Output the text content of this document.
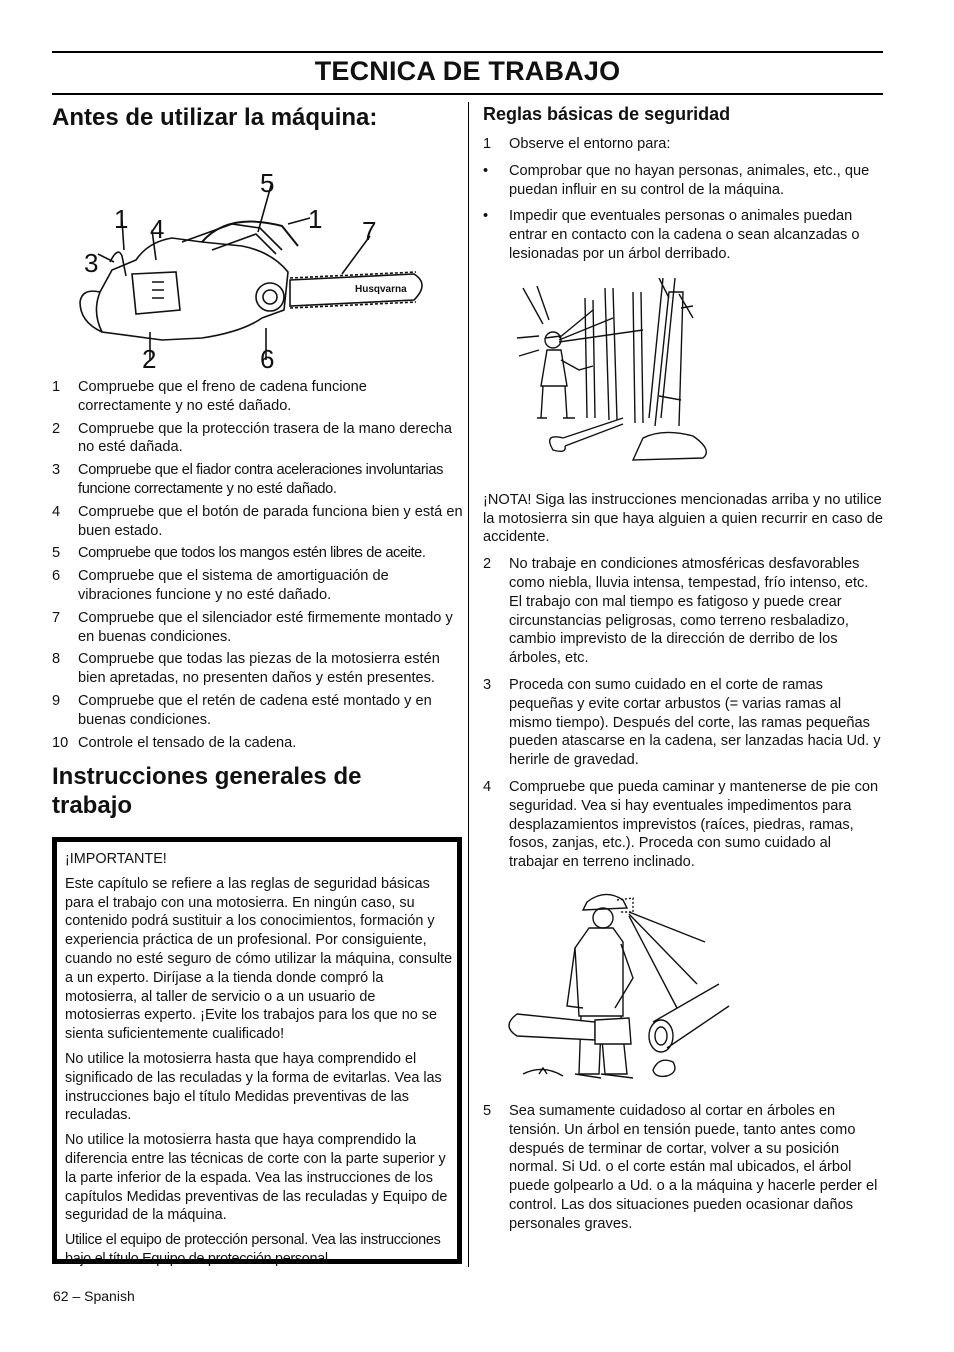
TECNICA DE TRABAJO
Antes de utilizar la máquina:
Husqvarna
1 4
3
5
1 7
2	6
1 Compruebe que el freno de cadena funcione correctamente y no esté dañado.
2 Compruebe que la protección trasera de la mano derecha no esté dañada.
3 Compruebe que el fiador contra aceleraciones involuntarias funcione correctamente y no esté dañado.
4 Compruebe que el botón de parada funciona bien y está en buen estado.
5 Compruebe que todos los mangos estén libres de aceite.
6 Compruebe que el sistema de amortiguación de vibraciones funcione y no esté dañado.
7 Compruebe que el silenciador esté firmemente montado y en buenas condiciones.
8 Compruebe que todas las piezas de la motosierra estén bien apretadas, no presenten daños y estén presentes.
9 Compruebe que el retén de cadena esté montado y en buenas condiciones.
10 Controle el tensado de la cadena.
Instrucciones generales de trabajo

¡IMPORTANTE!

Este capítulo se refiere a las reglas de seguridad básicas para el trabajo con una motosierra. En ningún caso, su contenido podrá sustituir a los conocimientos, formación y experiencia práctica de un profesional. Por consiguiente, cuando no esté seguro de cómo utilizar la máquina, consulte a un experto. Diríjase a la tienda donde compró la motosierra, al taller de servicio o a un usuario de motosierras experto. ¡Evite los trabajos para los que no se sienta suficientemente cualificado!

No utilice la motosierra hasta que haya comprendido el significado de las reculadas y la forma de evitarlas. Vea las instrucciones bajo el título Medidas preventivas de las reculadas.

No utilice la motosierra hasta que haya comprendido la diferencia entre las técnicas de corte con la parte superior y la parte inferior de la espada. Vea las instrucciones de los capítulos Medidas preventivas de las reculadas y Equipo de seguridad de la máquina.

Utilice el equipo de protección personal. Vea las instrucciones bajo el título Equipo de protección personal.

Reglas básicas de seguridad
1 Observe el entorno para:
• Comprobar que no hayan personas, animales, etc., que puedan influir en su control de la máquina.
• Impedir que eventuales personas o animales puedan entrar en contacto con la cadena o sean alcanzadas o lesionadas por un árbol derribado.

¡NOTA! Siga las instrucciones mencionadas arriba y no utilice la motosierra sin que haya alguien a quien recurrir en caso de accidente.

2 No trabaje en condiciones atmosféricas desfavorables como niebla, lluvia intensa, tempestad, frío intenso, etc. El trabajo con mal tiempo es fatigoso y puede crear circunstancias peligrosas, como terreno resbaladizo, cambio imprevisto de la dirección de derribo de los árboles, etc.
3 Proceda con sumo cuidado en el corte de ramas pequeñas y evite cortar arbustos (= varias ramas al mismo tiempo). Después del corte, las ramas pequeñas pueden atascarse en la cadena, ser lanzadas hacia Ud. y herirle de gravedad.
4 Compruebe que pueda caminar y mantenerse de pie con seguridad. Vea si hay eventuales impedimentos para desplazamientos imprevistos (raíces, piedras, ramas, fosos, zanjas, etc.). Proceda con sumo cuidado al trabajar en terreno inclinado.
5 Sea sumamente cuidadoso al cortar en árboles en tensión. Un árbol en tensión puede, tanto antes como después de terminar de cortar, volver a su posición normal. Si Ud. o el corte están mal ubicados, el árbol puede golpearlo a Ud. o a la máquina y hacerle perder el control. Las dos situaciones pueden ocasionar daños personales graves.
62 – Spanish
